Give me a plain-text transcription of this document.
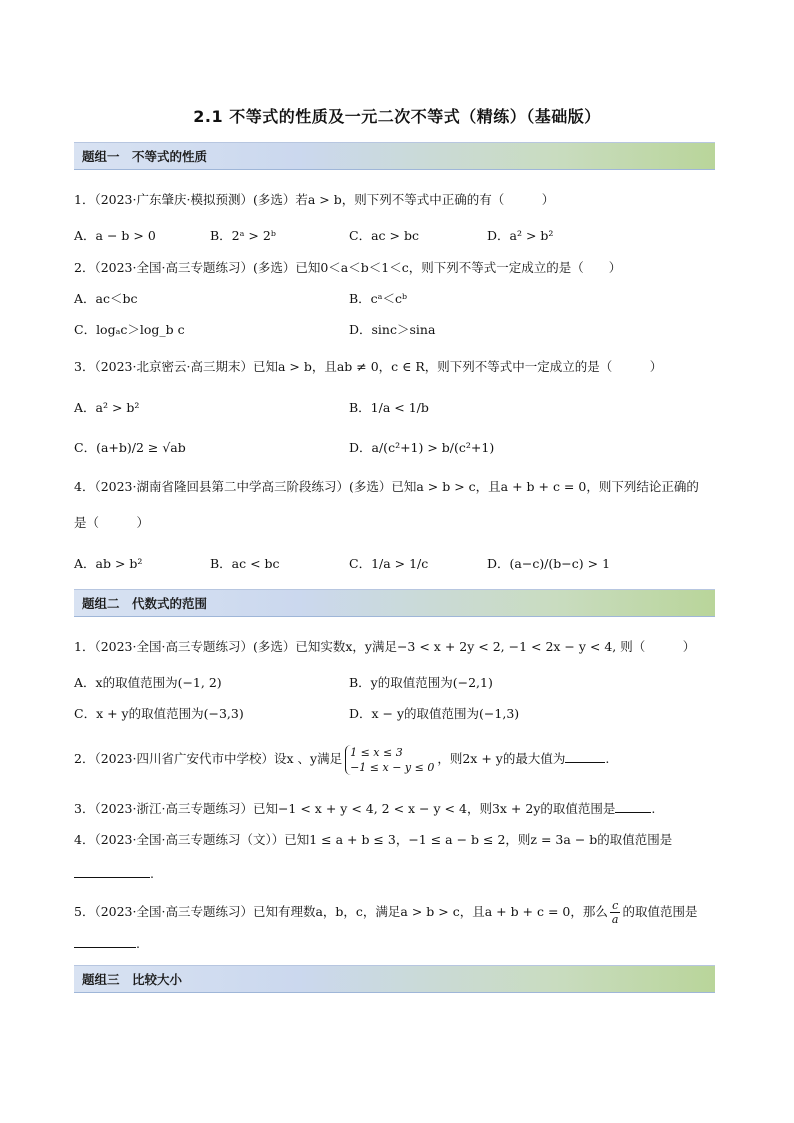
2.1 不等式的性质及一元二次不等式（精练）（基础版）
题组一　不等式的性质
1．（2023·广东肇庆·模拟预测）(多选）若a > b，则下列不等式中正确的有（　　　）
A．a − b > 0	B．2ᵃ > 2ᵇ	C．ac > bc	D．a² > b²
2．（2023·全国·高三专题练习）(多选）已知0＜a＜b＜1＜c，则下列不等式一定成立的是（　　）
A．ac＜bc	B．cᵃ＜cᵇ
C．logₐc＞log_b c	D．sinc＞sina
3．（2023·北京密云·高三期末）已知a > b，且ab ≠ 0，c ∈ R，则下列不等式中一定成立的是（　　　）
A．a² > b²	B．1/a < 1/b
C．(a+b)/2 ≥ √ab	D．a/(c²+1) > b/(c²+1)
4．（2023·湖南省隆回县第二中学高三阶段练习）(多选）已知a > b > c，且a + b + c = 0，则下列结论正确的
是（　　　）
A．ab > b²	B．ac < bc	C．1/a > 1/c	D．(a−c)/(b−c) > 1
题组二　代数式的范围
1．（2023·全国·高三专题练习）(多选）已知实数x，y满足−3 < x + 2y < 2, −1 < 2x − y < 4, 则（　　　）
A．x的取值范围为(−1, 2)	B．y的取值范围为(−2,1)
C．x + y的取值范围为(−3,3)	D．x − y的取值范围为(−1,3)
2．（2023·四川省广安代市中学校）设x 、y满足 1 ≤ x ≤ 3
−1 ≤ x − y ≤ 0
，则2x + y的最大值为	.
3．（2023·浙江·高三专题练习）已知−1 < x + y < 4, 2 < x − y < 4，则3x + 2y的取值范围是	.
4．（2023·全国·高三专题练习（文））已知1 ≤ a + b ≤ 3，−1 ≤ a − b ≤ 2，则z = 3a − b的取值范围是
.
5．（2023·全国·高三专题练习）已知有理数a，b，c，满足a > b > c，且a + b + c = 0，那么 $\frac{c}{a}$ 的取值范围是
.
题组三　比较大小
